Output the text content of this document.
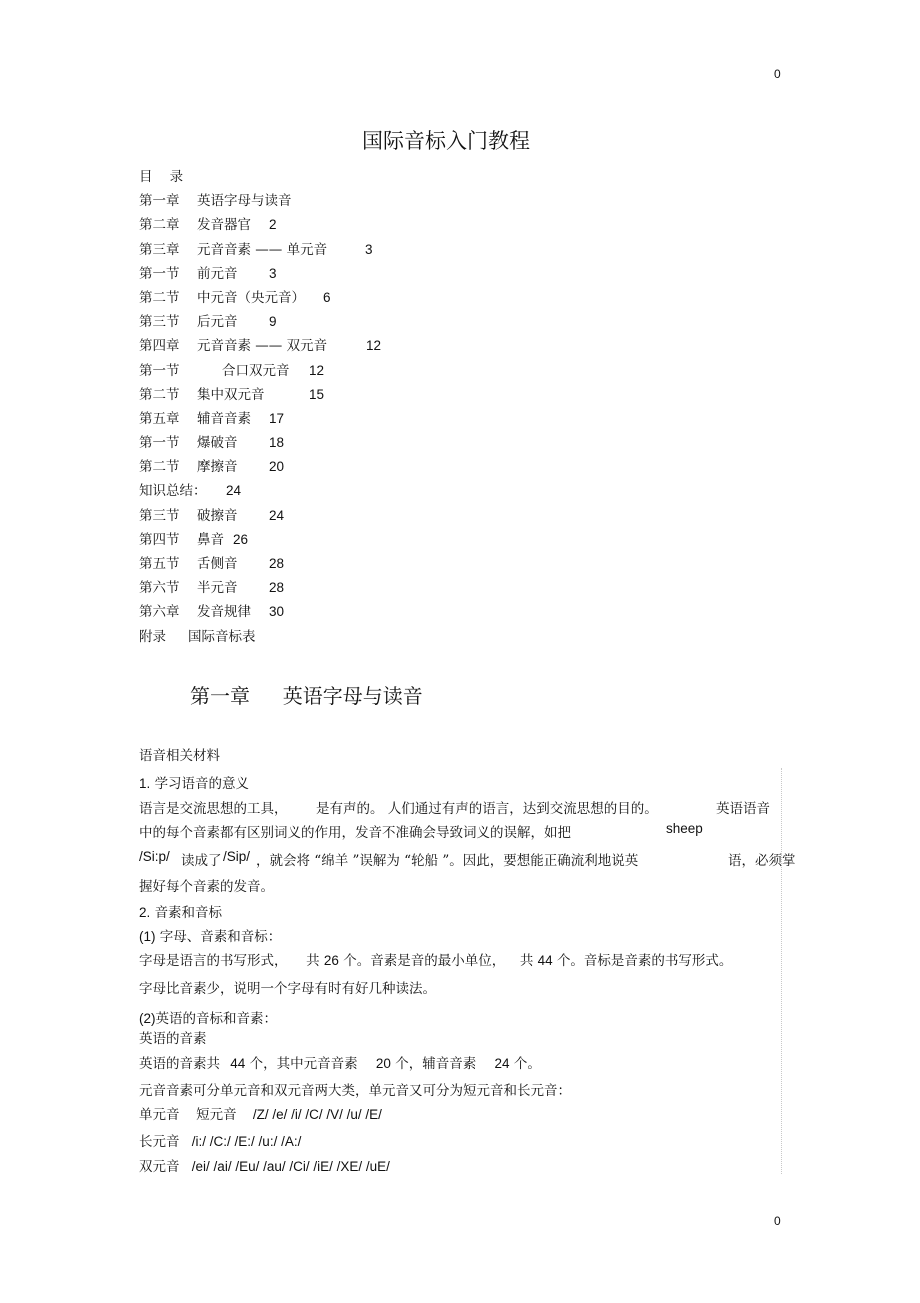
0
国际音标入门教程
目    录
第一章 英语字母与读音
第二章 发音器官 2
第三章 元音音素 —— 单元音	3
第一节 前元音 3
第二节 中元音（央元音） 6
第三节 后元音 9
第四章 元音音素 —— 双元音	12
第一节	合口双元音 12
第二节 集中双元音	15
第五章 辅音音素 17
第一节 爆破音 18
第二节 摩擦音 20
知识总结： 24
第三节 破擦音 24
第四节 鼻音 26
第五节 舌侧音 28
第六节 半元音 28
第六章 发音规律 30
附录 国际音标表
第一章 英语字母与读音
语音相关材料
1. 学习语音的意义
语言是交流思想的工具， 是有声的。 人们通过有声的语言，达到交流思想的目的。	英语语音
中的每个音素都有区别词义的作用，发音不准确会导致词义的误解，如把	sheep
/Si:p/ 读成了 /Sip/ ，就会将 “绵羊 ”误解为 “轮船 ”。因此，要想能正确流利地说英	语，必须掌
握好每个音素的发音。
2. 音素和音标
(1) 字母、音素和音标：
字母是语言的书写形式， 共 26 个。音素是音的最小单位， 共 44 个。音标是音素的书写形式。
字母比音素少，说明一个字母有时有好几种读法。
(2)英语的音标和音素：
英语的音素
英语的音素共 44 个，其中元音音素 20 个，辅音音素 24 个。
元音音素可分单元音和双元音两大类，单元音又可分为短元音和长元音：
单元音 短元音 /Z/ /e/ /i/ /C/ /V/ /u/ /E/
长元音 /i:/ /C:/ /E:/ /u:/ /A:/
双元音 /ei/ /ai/ /Eu/ /au/ /Ci/ /iE/ /XE/ /uE/
0
